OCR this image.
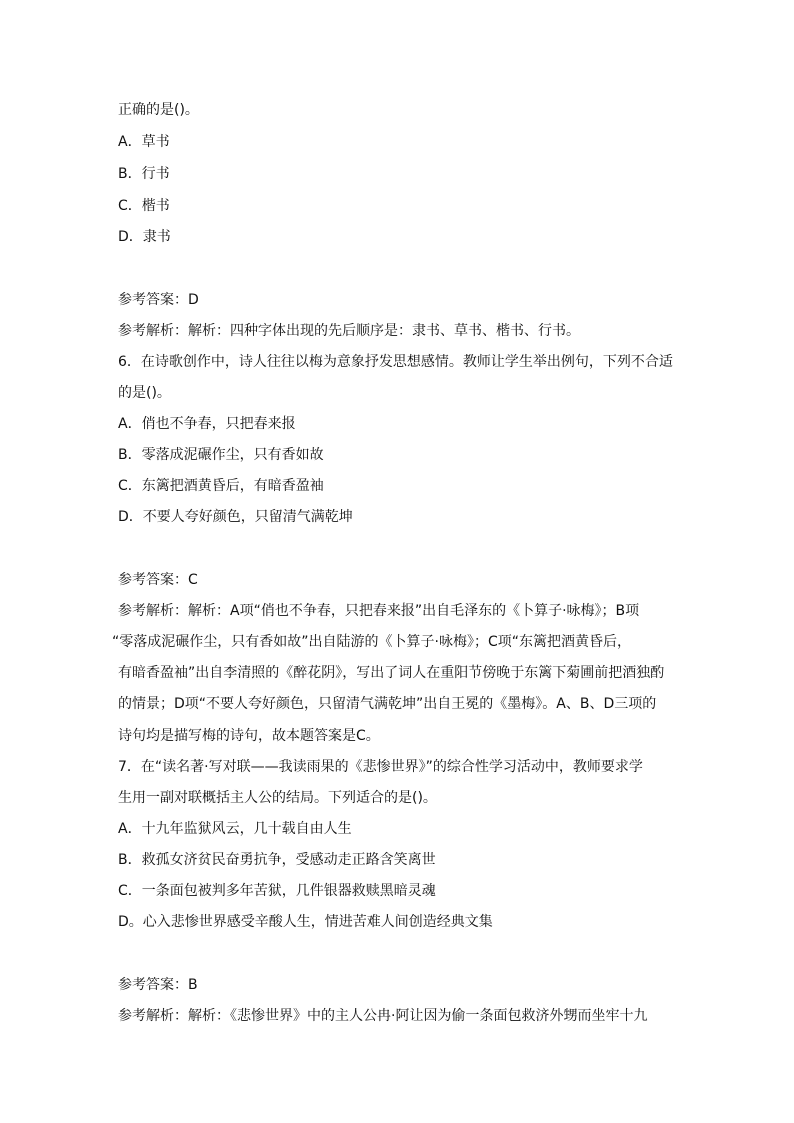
正确的是()。
A．草书
B．行书
C．楷书
D．隶书
参考答案：D
参考解析：解析：四种字体出现的先后顺序是：隶书、草书、楷书、行书。
6．在诗歌创作中，诗人往往以梅为意象抒发思想感情。教师让学生举出例句，下列不合适
的是()。
A．俏也不争春，只把春来报
B．零落成泥碾作尘，只有香如故
C．东篱把酒黄昏后，有暗香盈袖
D．不要人夸好颜色，只留清气满乾坤
参考答案：C
参考解析：解析：A项“俏也不争春，只把春来报”出自毛泽东的《卜算子·咏梅》；B项
“零落成泥碾作尘，只有香如故”出自陆游的《卜算子·咏梅》；C项“东篱把酒黄昏后，
有暗香盈袖”出自李清照的《醉花阴》，写出了词人在重阳节傍晚于东篱下菊圃前把酒独酌
的情景；D项“不要人夸好颜色，只留清气满乾坤”出自王冕的《墨梅》。A、B、D三项的
诗句均是描写梅的诗句，故本题答案是C。
7．在“读名著·写对联——我读雨果的《悲惨世界》”的综合性学习活动中，教师要求学
生用一副对联概括主人公的结局。下列适合的是()。
A．十九年监狱风云，几十载自由人生
B．救孤女济贫民奋勇抗争，受感动走正路含笑离世
C．一条面包被判多年苦狱，几件银器救赎黑暗灵魂
D。心入悲惨世界感受辛酸人生，情进苦难人间创造经典文集
参考答案：B
参考解析：解析：《悲惨世界》中的主人公冉·阿让因为偷一条面包救济外甥而坐牢十九
